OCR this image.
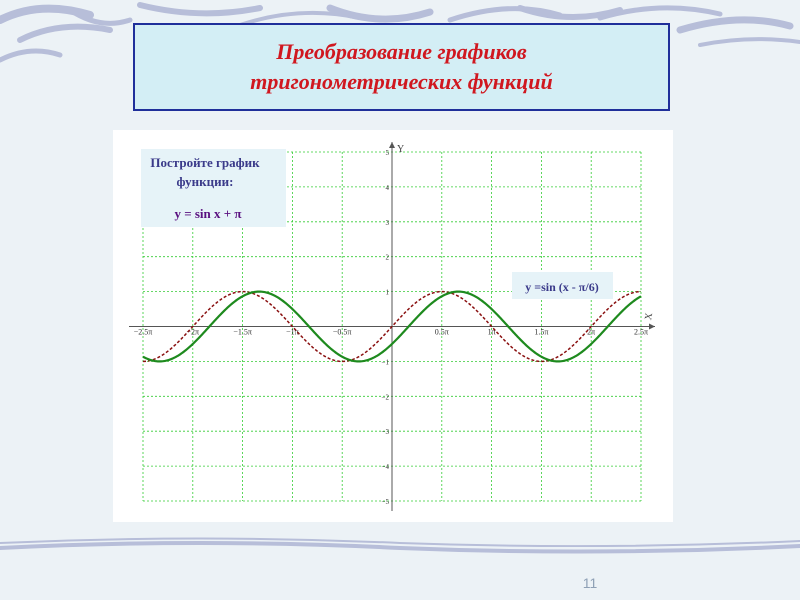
Преобразование графиков
тригонометрических функций
X
Y
−2.5π	−2π	−1.5π	−1π	−0.5π	0.5π	1π	1.5π	2π	2.5π
5
4
3
2
1
−1
−2
−3
−4
−5
Постройте график
функции:
y = sin x + π
y =sin (x - π/6)
11
